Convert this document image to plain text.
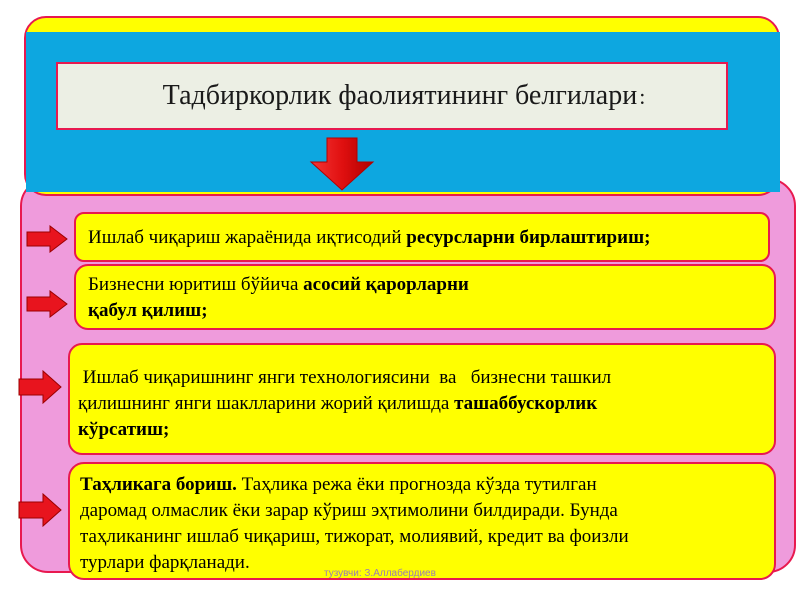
Тадбиркорлик фаолиятининг белгилари:
Ишлаб чиқариш жараёнида иқтисодий ресурсларни бирлаштириш;
Бизнесни юритиш бўйича асосий қарорларни
қабул қилиш;
Ишлаб чиқаришнинг янги технологиясини  ва   бизнесни ташкил
қилишнинг янги шаклларини жорий қилишда ташаббускорлик
кўрсатиш;
Таҳликага бориш. Таҳлика режа ёки прогнозда кўзда тутилган
даромад олмаслик ёки зарар кўриш эҳтимолини билдиради. Бунда
таҳликанинг ишлаб чиқариш, тижорат, молиявий, кредит ва фоизли
турлари фарқланади.
тузувчи: З.Аллабердиев
